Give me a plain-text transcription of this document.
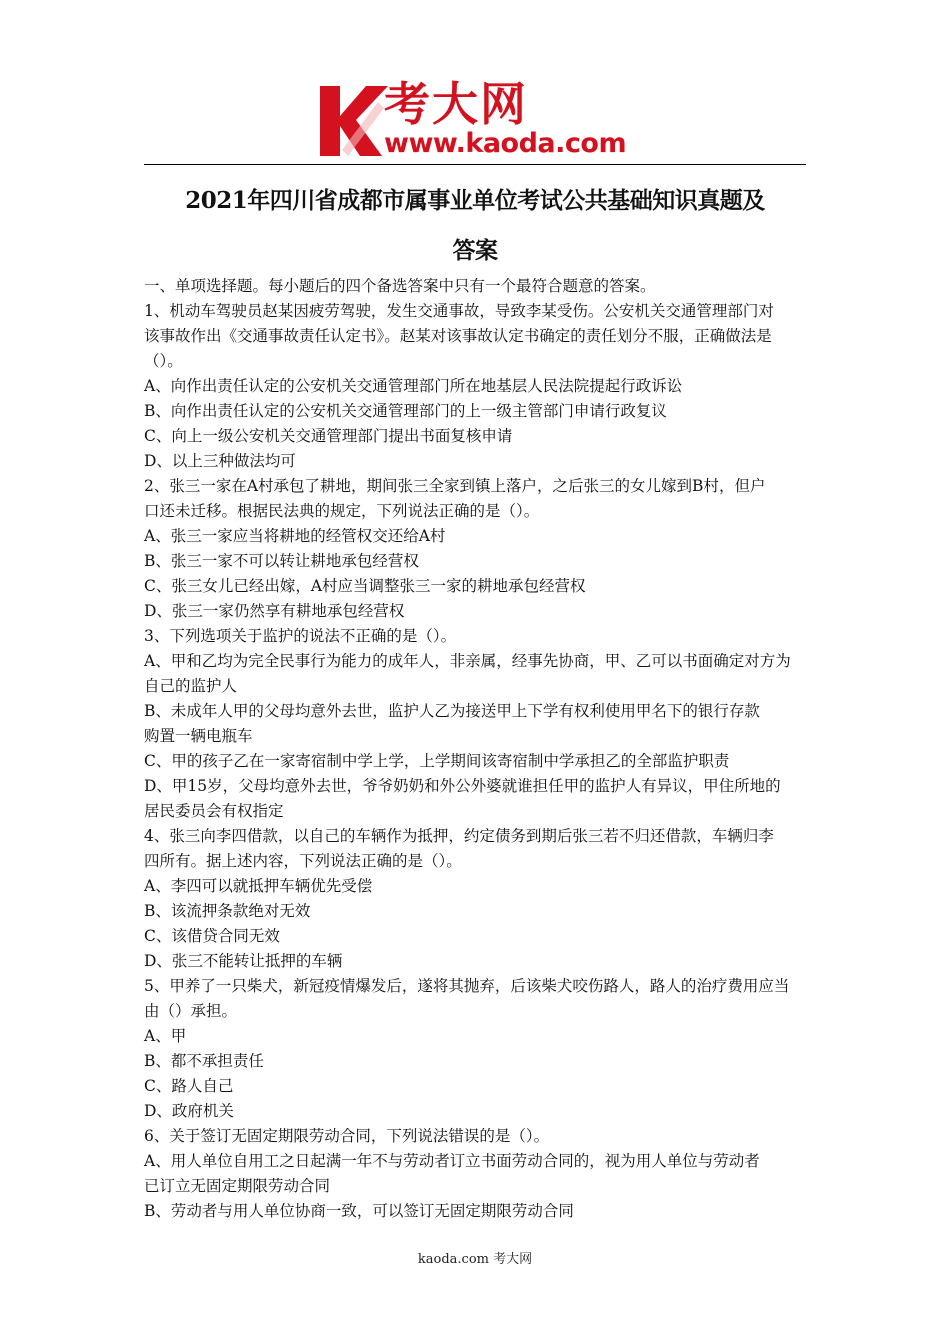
考大网
www.kaoda.com
2021年四川省成都市属事业单位考试公共基础知识真题及
答案

一、单项选择题。每小题后的四个备选答案中只有一个最符合题意的答案。

1、机动车驾驶员赵某因疲劳驾驶，发生交通事故，导致李某受伤。公安机关交通管理部门对

该事故作出《交通事故责任认定书》。赵某对该事故认定书确定的责任划分不服，正确做法是

（）。

A、向作出责任认定的公安机关交通管理部门所在地基层人民法院提起行政诉讼

B、向作出责任认定的公安机关交通管理部门的上一级主管部门申请行政复议

C、向上一级公安机关交通管理部门提出书面复核申请

D、以上三种做法均可

2、张三一家在A村承包了耕地，期间张三全家到镇上落户，之后张三的女儿嫁到B村，但户

口还未迁移。根据民法典的规定，下列说法正确的是（）。

A、张三一家应当将耕地的经管权交还给A村

B、张三一家不可以转让耕地承包经营权

C、张三女儿已经出嫁，A村应当调整张三一家的耕地承包经营权

D、张三一家仍然享有耕地承包经营权

3、下列选项关于监护的说法不正确的是（）。

A、甲和乙均为完全民事行为能力的成年人，非亲属，经事先协商，甲、乙可以书面确定对方为

自己的监护人

B、未成年人甲的父母均意外去世，监护人乙为接送甲上下学有权利使用甲名下的银行存款

购置一辆电瓶车

C、甲的孩子乙在一家寄宿制中学上学，上学期间该寄宿制中学承担乙的全部监护职责

D、甲15岁，父母均意外去世，爷爷奶奶和外公外婆就谁担任甲的监护人有异议，甲住所地的

居民委员会有权指定

4、张三向李四借款，以自己的车辆作为抵押，约定债务到期后张三若不归还借款，车辆归李

四所有。据上述内容，下列说法正确的是（）。

A、李四可以就抵押车辆优先受偿

B、该流押条款绝对无效

C、该借贷合同无效

D、张三不能转让抵押的车辆

5、甲养了一只柴犬，新冠疫情爆发后，遂将其抛弃，后该柴犬咬伤路人，路人的治疗费用应当

由（）承担。

A、甲

B、都不承担责任

C、路人自己

D、政府机关

6、关于签订无固定期限劳动合同，下列说法错误的是（）。

A、用人单位自用工之日起满一年不与劳动者订立书面劳动合同的，视为用人单位与劳动者

已订立无固定期限劳动合同

B、劳动者与用人单位协商一致，可以签订无固定期限劳动合同

kaoda.com 考大网
